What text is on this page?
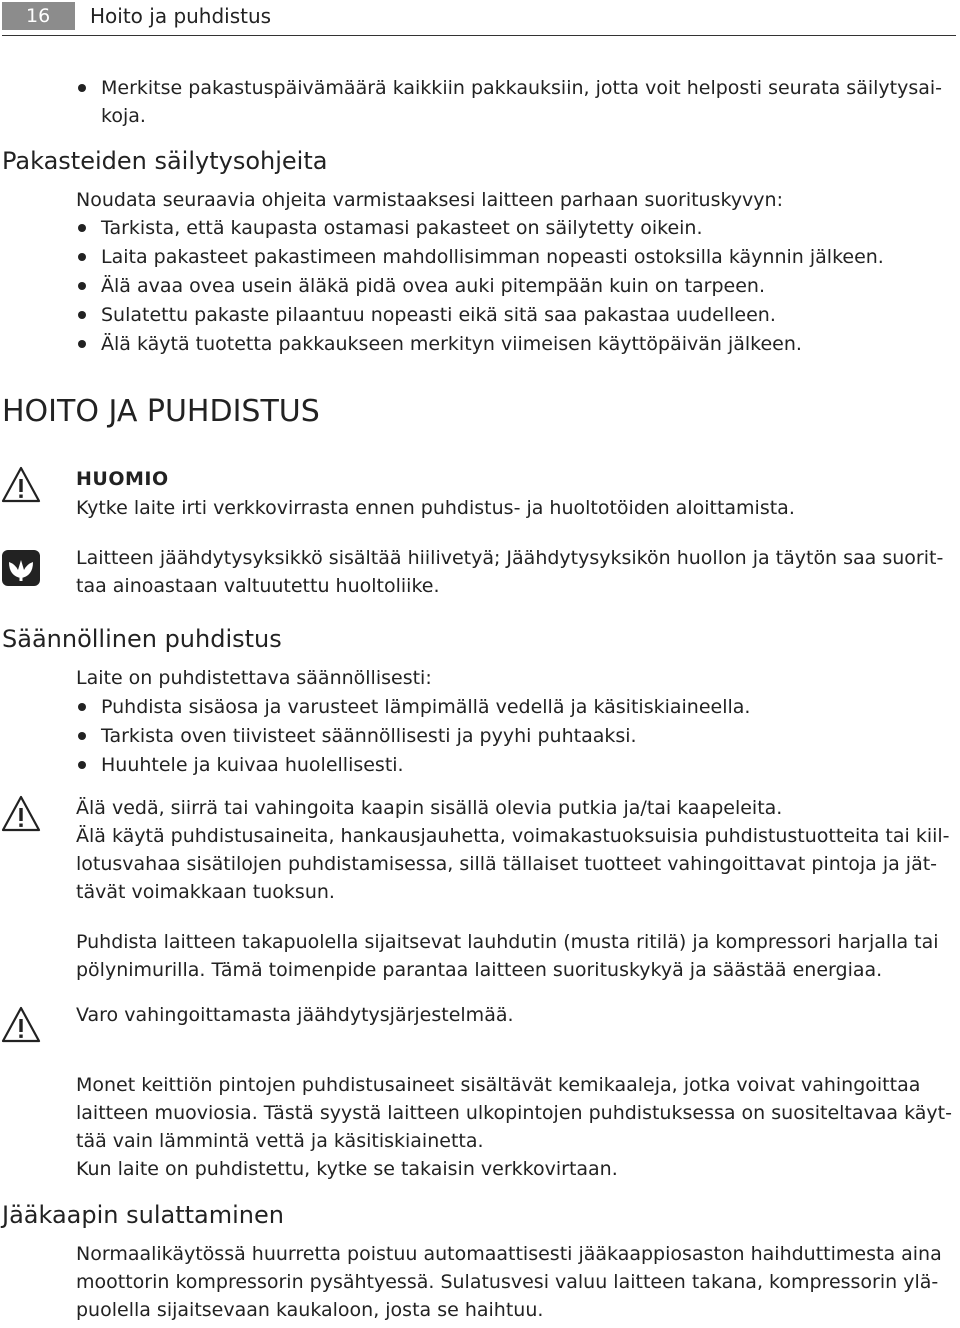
16	Hoito ja puhdistus
Merkitse pakastuspäivämäärä kaikkiin pakkauksiin, jotta voit helposti seurata säilytysai-
koja.
Pakasteiden säilytysohjeita
Noudata seuraavia ohjeita varmistaaksesi laitteen parhaan suorituskyvyn:
Tarkista, että kaupasta ostamasi pakasteet on säilytetty oikein.
Laita pakasteet pakastimeen mahdollisimman nopeasti ostoksilla käynnin jälkeen.
Älä avaa ovea usein äläkä pidä ovea auki pitempään kuin on tarpeen.
Sulatettu pakaste pilaantuu nopeasti eikä sitä saa pakastaa uudelleen.
Älä käytä tuotetta pakkaukseen merkityn viimeisen käyttöpäivän jälkeen.
HOITO JA PUHDISTUS
HUOMIO
Kytke laite irti verkkovirrasta ennen puhdistus- ja huoltotöiden aloittamista.
Laitteen jäähdytysyksikkö sisältää hiilivetyä; Jäähdytysyksikön huollon ja täytön saa suorit-
taa ainoastaan valtuutettu huoltoliike.
Säännöllinen puhdistus
Laite on puhdistettava säännöllisesti:
Puhdista sisäosa ja varusteet lämpimällä vedellä ja käsitiskiaineella.
Tarkista oven tiivisteet säännöllisesti ja pyyhi puhtaaksi.
Huuhtele ja kuivaa huolellisesti.
Älä vedä, siirrä tai vahingoita kaapin sisällä olevia putkia ja/tai kaapeleita.
Älä käytä puhdistusaineita, hankausjauhetta, voimakastuoksuisia puhdistustuotteita tai kiil-
lotusvahaa sisätilojen puhdistamisessa, sillä tällaiset tuotteet vahingoittavat pintoja ja jät-
tävät voimakkaan tuoksun.
Puhdista laitteen takapuolella sijaitsevat lauhdutin (musta ritilä) ja kompressori harjalla tai
pölynimurilla. Tämä toimenpide parantaa laitteen suorituskykyä ja säästää energiaa.
Varo vahingoittamasta jäähdytysjärjestelmää.
Monet keittiön pintojen puhdistusaineet sisältävät kemikaaleja, jotka voivat vahingoittaa
laitteen muoviosia. Tästä syystä laitteen ulkopintojen puhdistuksessa on suositeltavaa käyt-
tää vain lämmintä vettä ja käsitiskiainetta.
Kun laite on puhdistettu, kytke se takaisin verkkovirtaan.
Jääkaapin sulattaminen
Normaalikäytössä huurretta poistuu automaattisesti jääkaappiosaston haihduttimesta aina
moottorin kompressorin pysähtyessä. Sulatusvesi valuu laitteen takana, kompressorin ylä-
puolella sijaitsevaan kaukaloon, josta se haihtuu.
